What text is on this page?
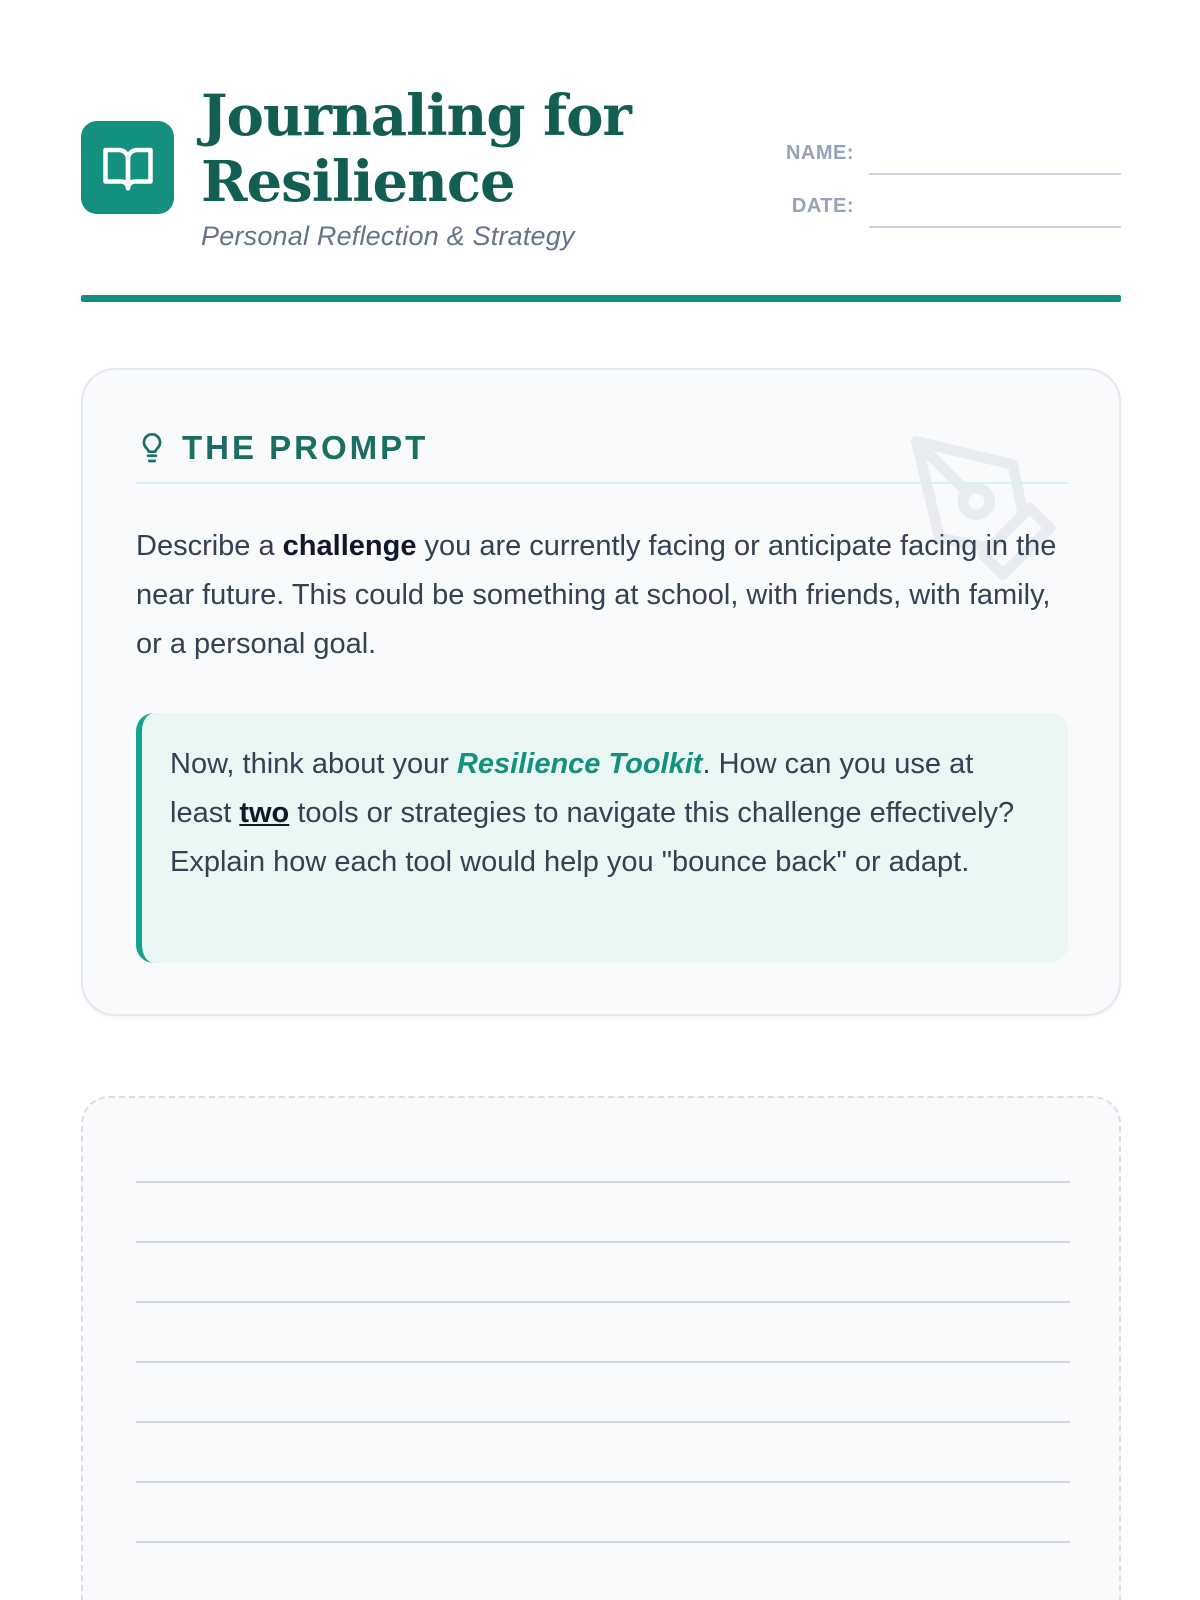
Journaling for Resilience
Personal Reflection & Strategy
NAME:
DATE:
THE PROMPT

Describe a challenge you are currently facing or anticipate facing in the near future. This could be something at school, with friends, with family, or a personal goal.

Now, think about your Resilience Toolkit. How can you use at least two tools or strategies to navigate this challenge effectively? Explain how each tool would help you "bounce back" or adapt.
